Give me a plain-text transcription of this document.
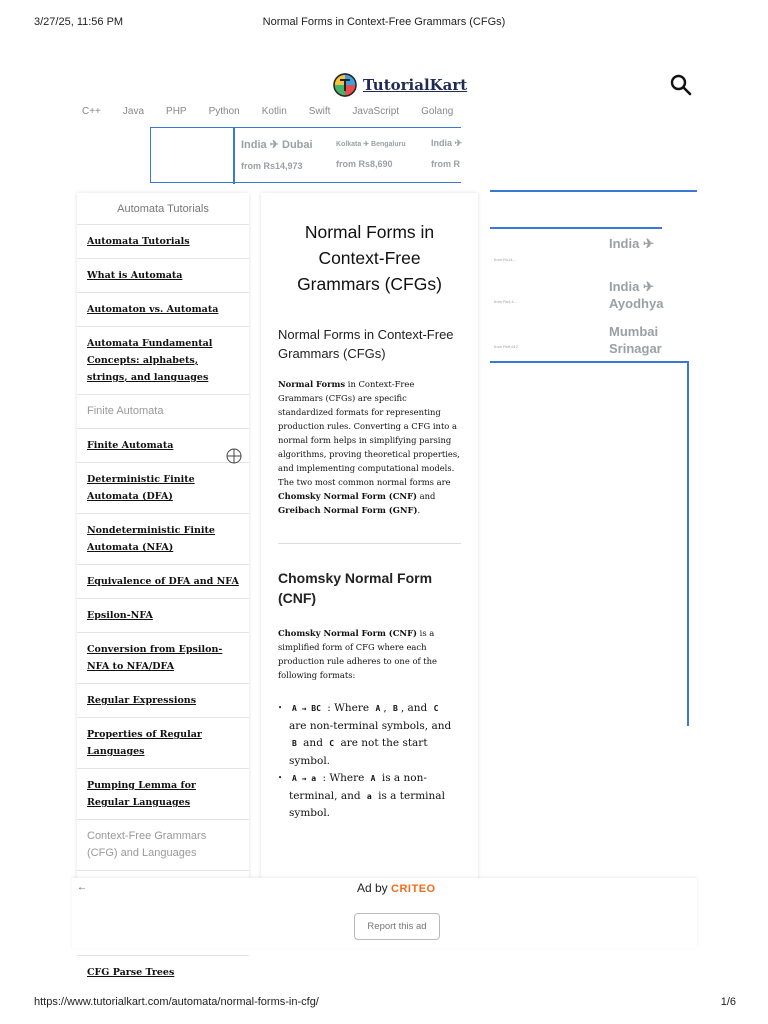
3/27/25, 11:56 PM	Normal Forms in Context-Free Grammars (CFGs)
TutorialKart
C++ Java PHP Python Kotlin Swift JavaScript Golang
India ✈ Dubai
from Rs14,973
Kolkata ✈ Bengaluru
from Rs8,690
India ✈
from R
from Rs14,...
India ✈
from Rs4,4...
India ✈ Ayodhya
from Rs9,612
Mumbai Srinagar
Automata Tutorials
Automata Tutorials
What is Automata
Automaton vs. Automata
Automata Fundamental Concepts: alphabets, strings, and languages
Finite Automata
Finite Automata
Deterministic Finite Automata (DFA)
Nondeterministic Finite Automata (NFA)
Equivalence of DFA and NFA
Epsilon-NFA
Conversion from Epsilon-NFA to NFA/DFA
Regular Expressions
Properties of Regular Languages
Pumping Lemma for Regular Languages
Context-Free Grammars (CFG) and Languages
CFG Parse Trees
Normal Forms in Context-Free Grammars (CFGs)
Normal Forms in Context-Free Grammars (CFGs)

Normal Forms in Context-Free Grammars (CFGs) are specific standardized formats for representing production rules. Converting a CFG into a normal form helps in simplifying parsing algorithms, proving theoretical properties, and implementing computational models. The two most common normal forms are Chomsky Normal Form (CNF) and Greibach Normal Form (GNF).

Chomsky Normal Form (CNF)

Chomsky Normal Form (CNF) is a simplified form of CFG where each production rule adheres to one of the following formats:

• A → BC : Where A , B , and C are non-terminal symbols, and B and C are not the start symbol.
• A → a : Where A is a non-terminal, and a is a terminal symbol.
←	Ad by CRITEO
Report this ad
https://www.tutorialkart.com/automata/normal-forms-in-cfg/	1/6
